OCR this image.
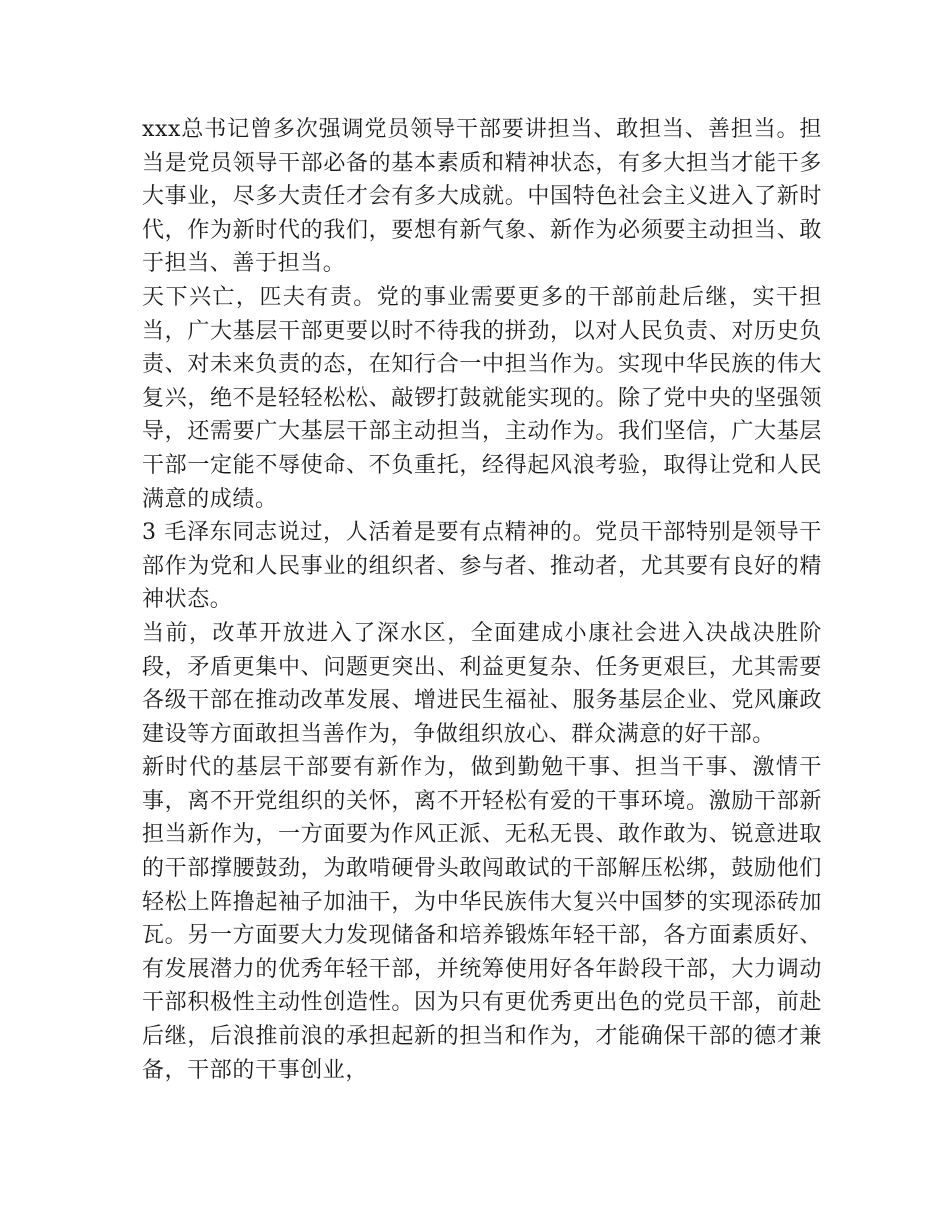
xxx总书记曾多次强调党员领导干部要讲担当、敢担当、善担当。担当是党员领导干部必备的基本素质和精神状态，有多大担当才能干多大事业，尽多大责任才会有多大成就。中国特色社会主义进入了新时代，作为新时代的我们，要想有新气象、新作为必须要主动担当、敢于担当、善于担当。

天下兴亡，匹夫有责。党的事业需要更多的干部前赴后继，实干担当，广大基层干部更要以时不待我的拼劲，以对人民负责、对历史负责、对未来负责的态，在知行合一中担当作为。实现中华民族的伟大复兴，绝不是轻轻松松、敲锣打鼓就能实现的。除了党中央的坚强领导，还需要广大基层干部主动担当，主动作为。我们坚信，广大基层干部一定能不辱使命、不负重托，经得起风浪考验，取得让党和人民满意的成绩。

3 毛泽东同志说过，人活着是要有点精神的。党员干部特别是领导干部作为党和人民事业的组织者、参与者、推动者，尤其要有良好的精神状态。

当前，改革开放进入了深水区，全面建成小康社会进入决战决胜阶段，矛盾更集中、问题更突出、利益更复杂、任务更艰巨，尤其需要各级干部在推动改革发展、增进民生福祉、服务基层企业、党风廉政建设等方面敢担当善作为，争做组织放心、群众满意的好干部。

新时代的基层干部要有新作为，做到勤勉干事、担当干事、激情干事，离不开党组织的关怀，离不开轻松有爱的干事环境。激励干部新担当新作为，一方面要为作风正派、无私无畏、敢作敢为、锐意进取的干部撑腰鼓劲，为敢啃硬骨头敢闯敢试的干部解压松绑，鼓励他们轻松上阵撸起袖子加油干，为中华民族伟大复兴中国梦的实现添砖加瓦。另一方面要大力发现储备和培养锻炼年轻干部，各方面素质好、有发展潜力的优秀年轻干部，并统筹使用好各年龄段干部，大力调动干部积极性主动性创造性。因为只有更优秀更出色的党员干部，前赴后继，后浪推前浪的承担起新的担当和作为，才能确保干部的德才兼备，干部的干事创业，
